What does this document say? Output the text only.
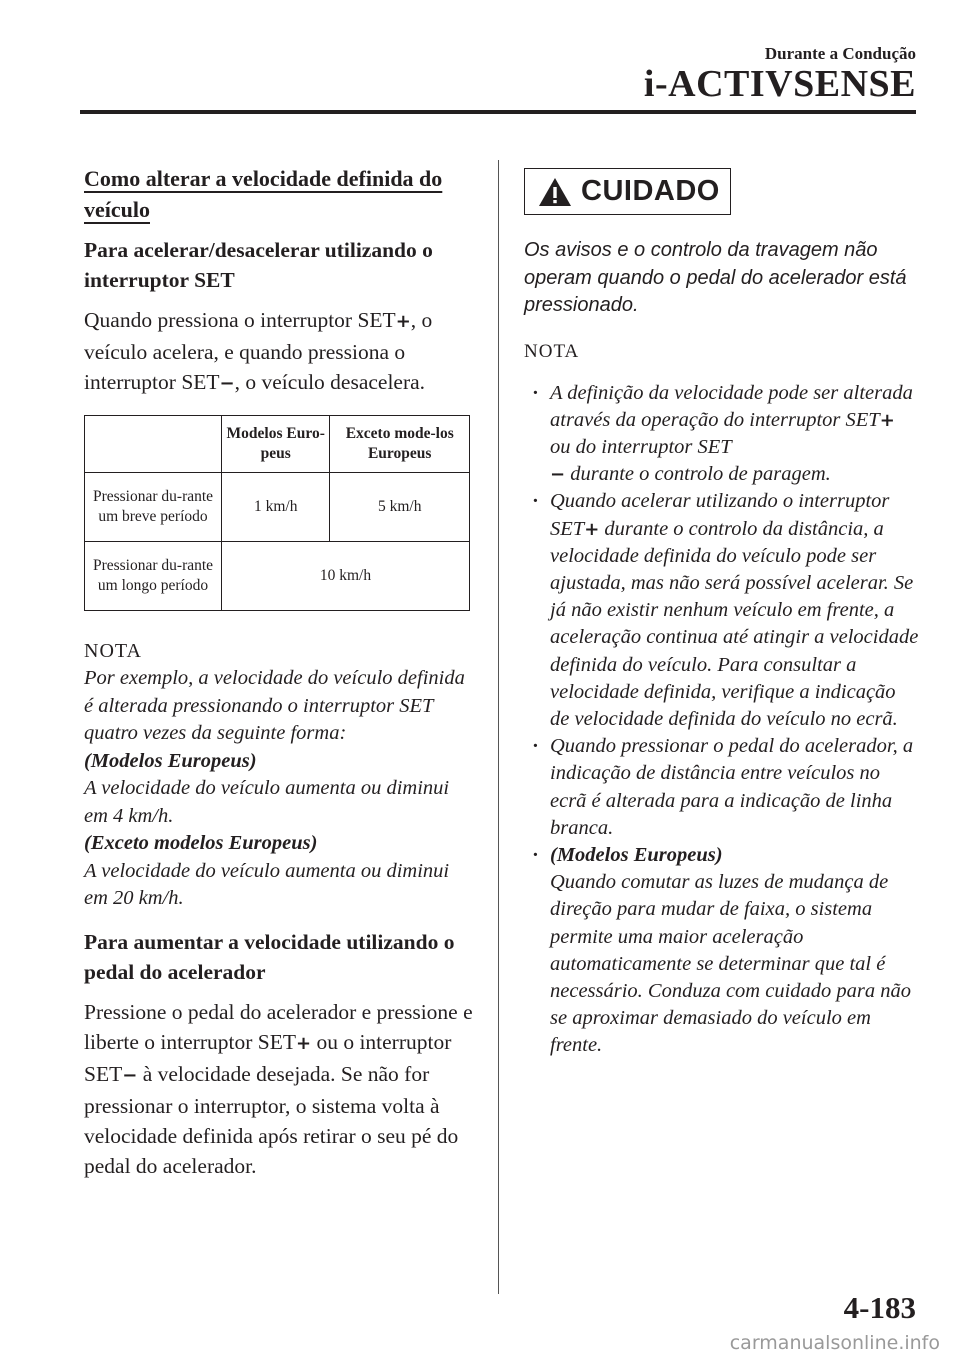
Durante a Condução
i-ACTIVSENSE
Como alterar a velocidade definida do veículo
Para acelerar/desacelerar utilizando o interruptor SET

Quando pressiona o interruptor SET+, o veículo acelera, e quando pressiona o interruptor SET−, o veículo desacelera.

	Modelos Euro-peus	Exceto mode-los Europeus
Pressionar du-rante um breve período	1 km/h	5 km/h
Pressionar du-rante um longo período	10 km/h	
NOTA
Por exemplo, a velocidade do veículo definida é alterada pressionando o interruptor SET quatro vezes da seguinte forma:
(Modelos Europeus)
A velocidade do veículo aumenta ou diminui em 4 km/h.
(Exceto modelos Europeus)
A velocidade do veículo aumenta ou diminui em 20 km/h.
Para aumentar a velocidade utilizando o pedal do acelerador

Pressione o pedal do acelerador e pressione e liberte o interruptor SET+ ou o interruptor SET− à velocidade desejada. Se não for pressionar o interruptor, o sistema volta à velocidade definida após retirar o seu pé do pedal do acelerador.

CUIDADO

Os avisos e o controlo da travagem não operam quando o pedal do acelerador está pressionado.

NOTA
· A definição da velocidade pode ser alterada através da operação do interruptor SET+ ou do interruptor SET
− durante o controlo de paragem.
· Quando acelerar utilizando o interruptor SET+ durante o controlo da distância, a velocidade definida do veículo pode ser ajustada, mas não será possível acelerar. Se já não existir nenhum veículo em frente, a aceleração continua até atingir a velocidade definida do veículo. Para consultar a velocidade definida, verifique a indicação de velocidade definida do veículo no ecrã.
· Quando pressionar o pedal do acelerador, a indicação de distância entre veículos no ecrã é alterada para a indicação de linha branca.
· (Modelos Europeus)
Quando comutar as luzes de mudança de direção para mudar de faixa, o sistema permite uma maior aceleração automaticamente se determinar que tal é necessário. Conduza com cuidado para não se aproximar demasiado do veículo em frente.
4-183
carmanualsonline.info
